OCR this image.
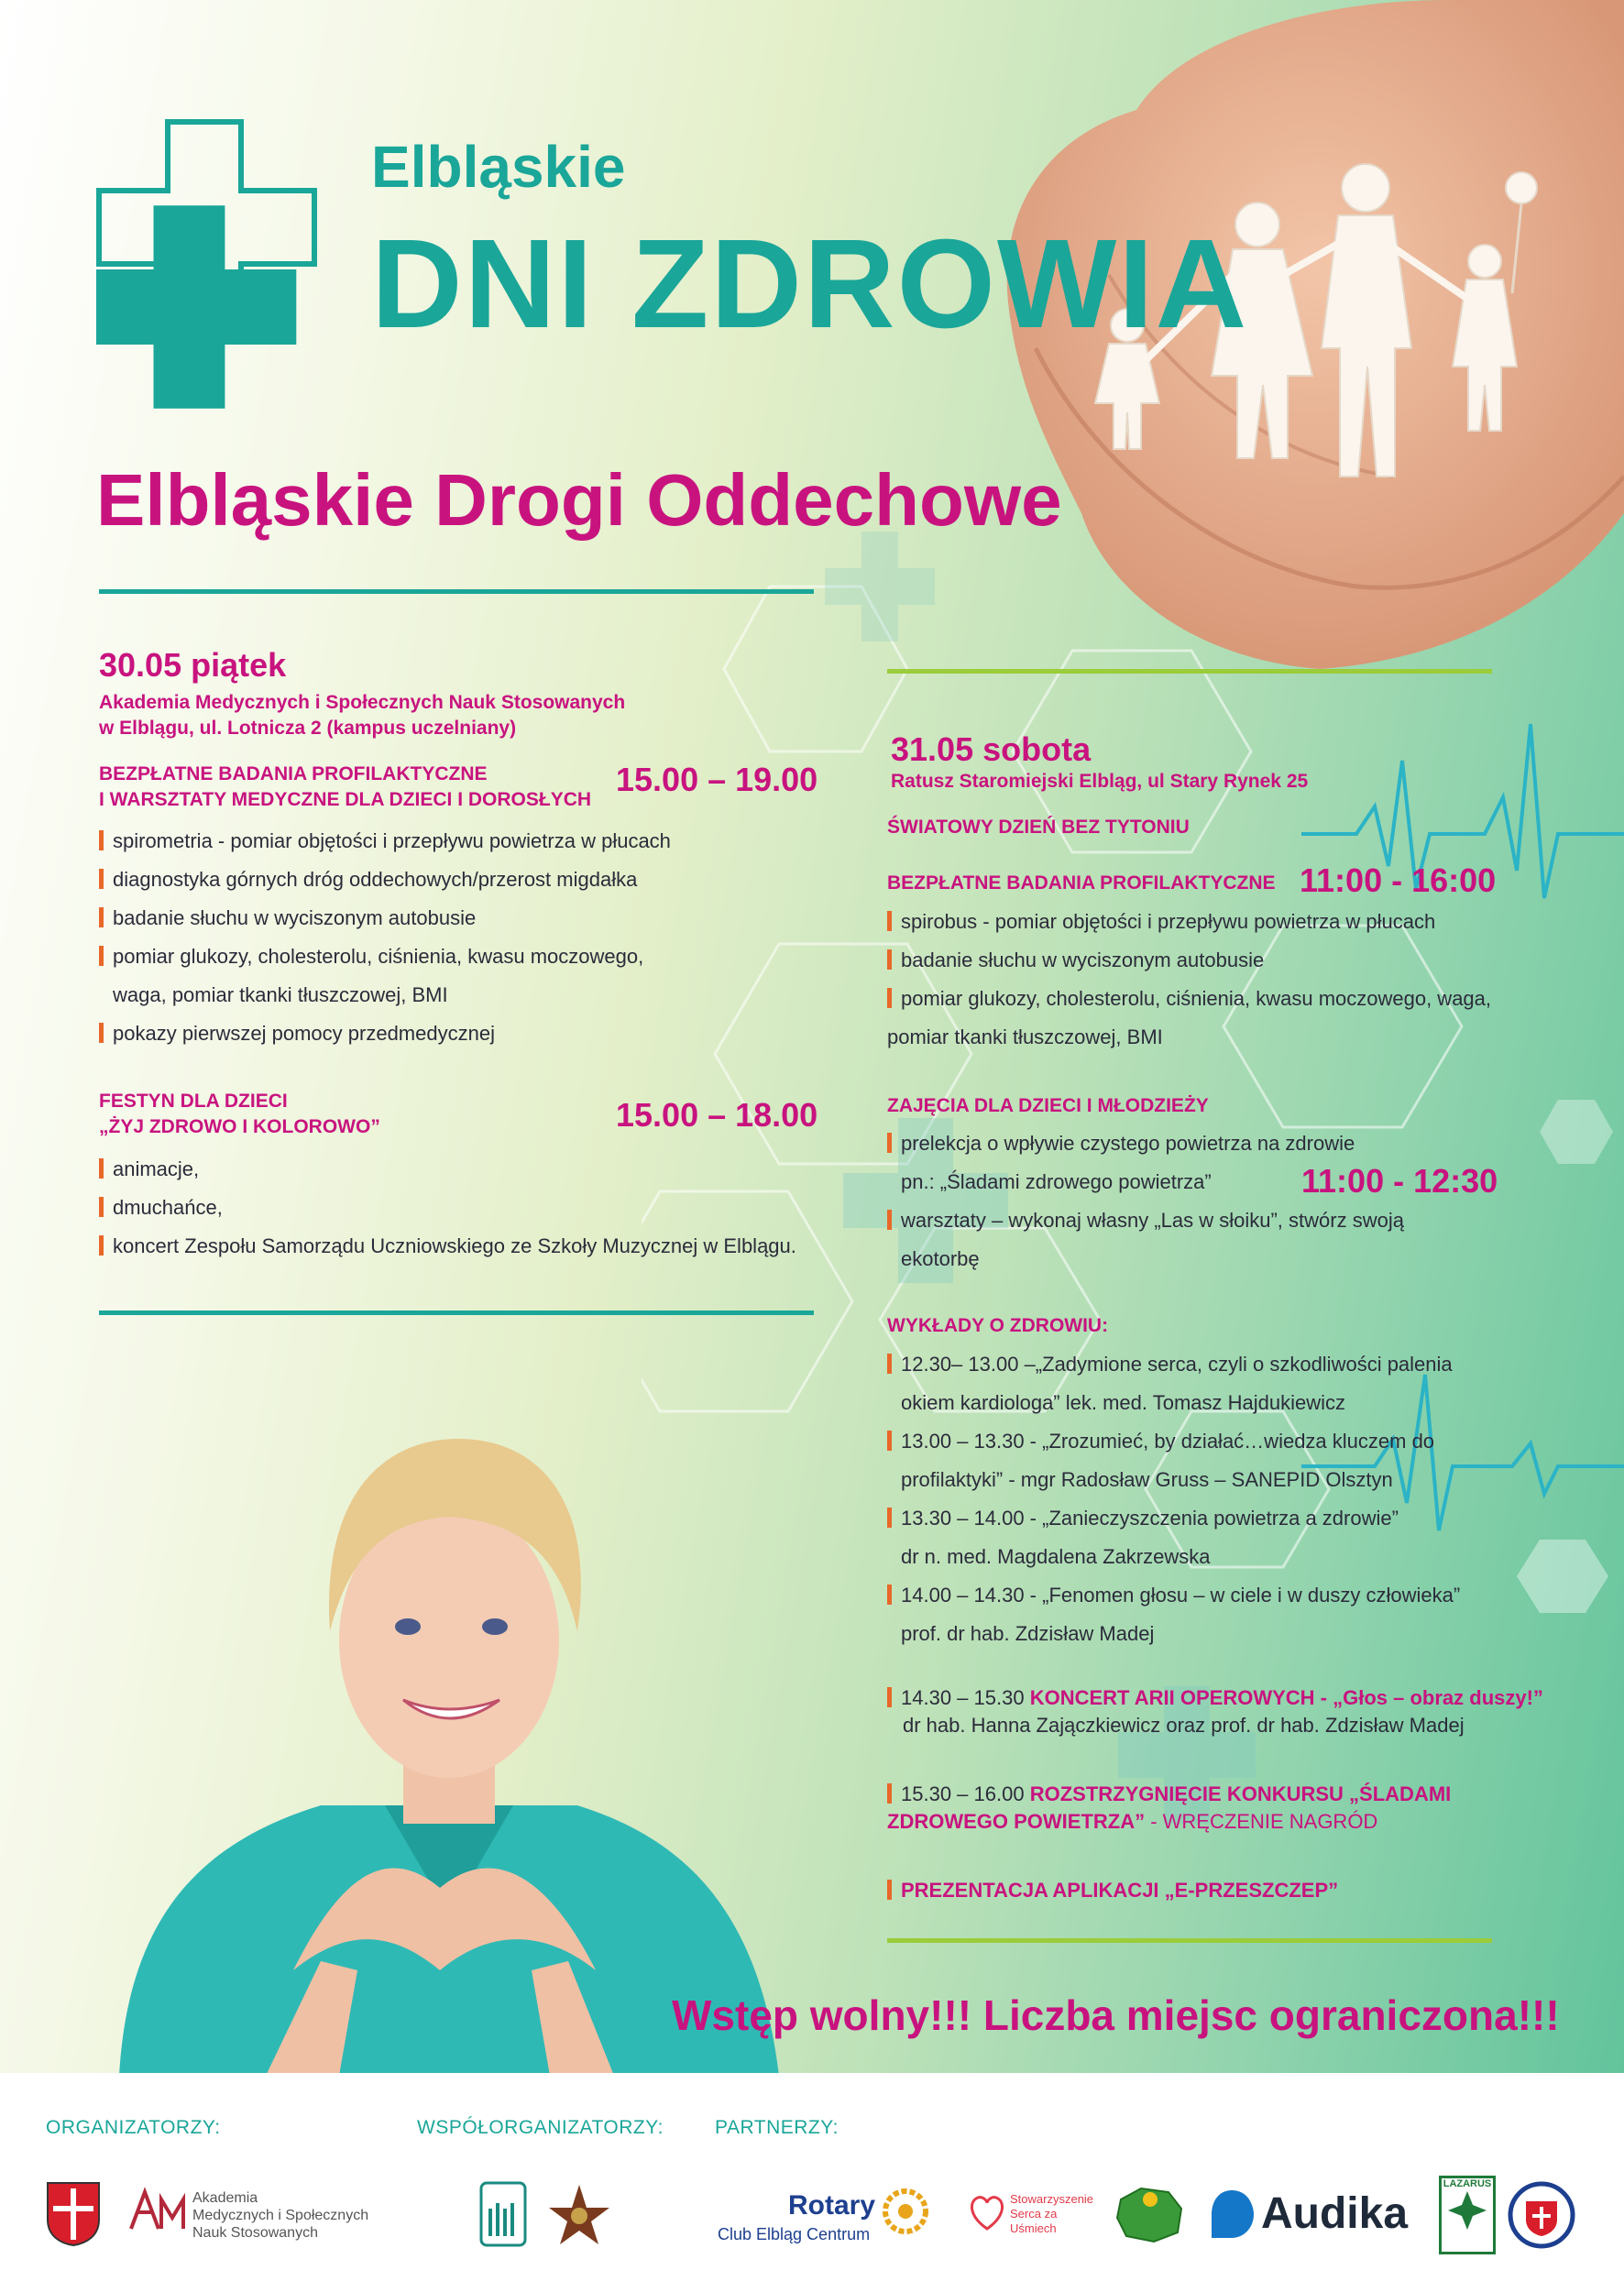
Elbląskie
DNI ZDROWIA
Elbląskie Drogi Oddechowe
30.05 piątek
Akademia Medycznych i Społecznych Nauk Stosowanych
w Elblągu, ul. Lotnicza 2 (kampus uczelniany)
BEZPŁATNE BADANIA PROFILAKTYCZNE
I WARSZTATY MEDYCZNE DLA DZIECI I DOROSŁYCH
15.00 – 19.00
spirometria - pomiar objętości i przepływu powietrza w płucach
diagnostyka górnych dróg oddechowych/przerost migdałka
badanie słuchu w wyciszonym autobusie
pomiar glukozy, cholesterolu, ciśnienia, kwasu moczowego,
waga, pomiar tkanki tłuszczowej, BMI
pokazy pierwszej pomocy przedmedycznej
FESTYN DLA DZIECI
„ŻYJ ZDROWO I KOLOROWO”	15.00 – 18.00
animacje,
dmuchańce,
koncert Zespołu Samorządu Uczniowskiego ze Szkoły Muzycznej w Elblągu.
31.05 sobota
Ratusz Staromiejski Elbląg, ul Stary Rynek 25
ŚWIATOWY DZIEŃ BEZ TYTONIU
BEZPŁATNE BADANIA PROFILAKTYCZNE 11:00 - 16:00
spirobus - pomiar objętości i przepływu powietrza w płucach
badanie słuchu w wyciszonym autobusie
pomiar glukozy, cholesterolu, ciśnienia, kwasu moczowego, waga,
pomiar tkanki tłuszczowej, BMI
ZAJĘCIA DLA DZIECI I MŁODZIEŻY
11:00 - 12:30
prelekcja o wpływie czystego powietrza na zdrowie
pn.: „Śladami zdrowego powietrza”
warsztaty – wykonaj własny „Las w słoiku”, stwórz swoją
ekotorbę
WYKŁADY O ZDROWIU:
12.30– 13.00 –„Zadymione serca, czyli o szkodliwości palenia
okiem kardiologa” lek. med. Tomasz Hajdukiewicz
13.00 – 13.30 - „Zrozumieć, by działać…wiedza kluczem do
profilaktyki” - mgr Radosław Gruss – SANEPID Olsztyn
13.30 – 14.00 - „Zanieczyszczenia powietrza a zdrowie”
dr n. med. Magdalena Zakrzewska
14.00 – 14.30 - „Fenomen głosu – w ciele i w duszy człowieka”
prof. dr hab. Zdzisław Madej
14.30 – 15.30 KONCERT ARII OPEROWYCH - „Głos – obraz duszy!”
dr hab. Hanna Zajączkiewicz oraz prof. dr hab. Zdzisław Madej
15.30 – 16.00 ROZSTRZYGNIĘCIE KONKURSU „ŚLADAMI
ZDROWEGO POWIETRZA” - WRĘCZENIE NAGRÓD
PREZENTACJA APLIKACJI „E-PRZESZCZEP”
Wstęp wolny!!! Liczba miejsc ograniczona!!!
ORGANIZATORZY:	WSPÓŁORGANIZATORZY:	PARTNERZY:
Akademia
Medycznych i Społecznych
Nauk Stosowanych
Rotary
Club Elbląg Centrum
Stowarzyszenie Serca za Uśmiech	Audika
LAZARUS
